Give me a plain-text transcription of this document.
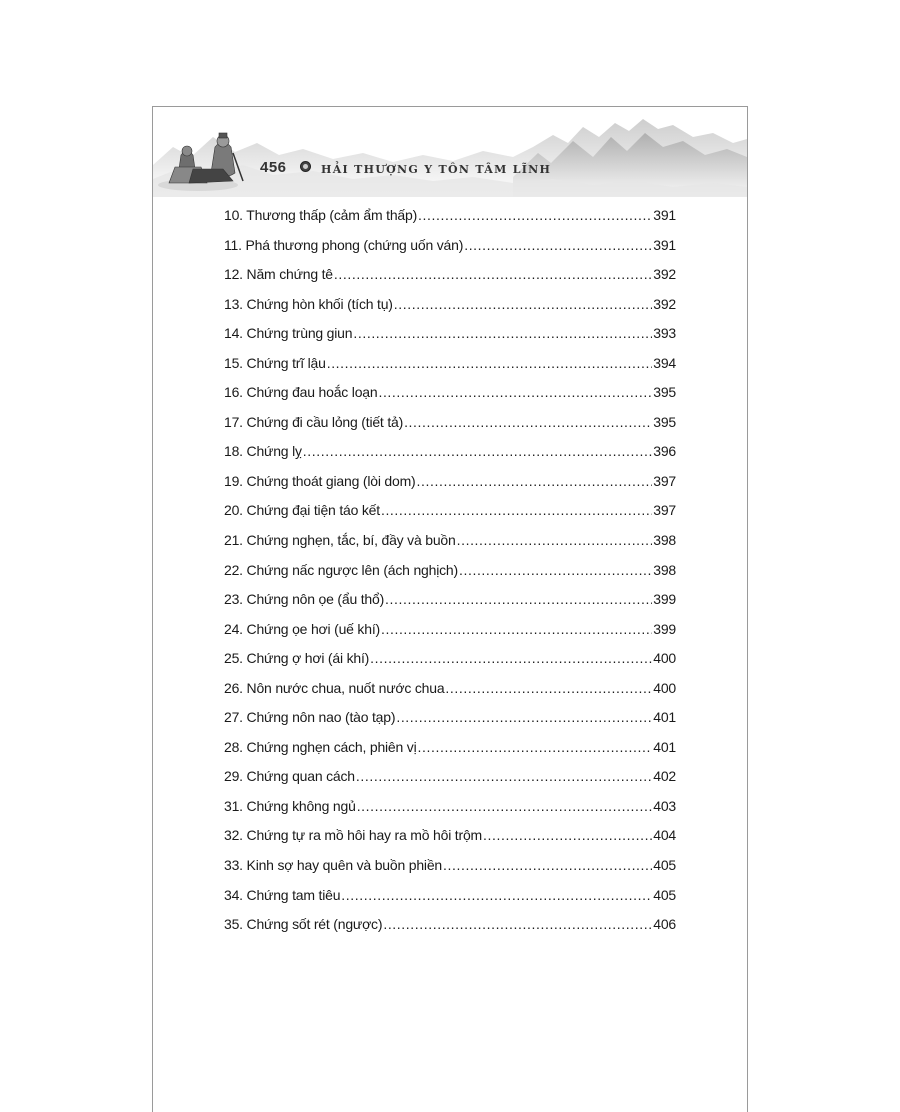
456	HẢI THƯỢNG Y TÔN TÂM LĨNH
10. Thương thấp (cảm ẩm thấp) .....	391
11. Phá thương phong (chứng uốn ván) .....	391
12. Năm chứng tê .....	392
13. Chứng hòn khối (tích tụ) .....	392
14. Chứng trùng giun .....	393
15. Chứng trĩ lậu .....	394
16. Chứng đau hoắc loạn .....	395
17. Chứng đi cầu lỏng (tiết tả) .....	395
18. Chứng lỵ .....	396
19. Chứng thoát giang (lòi dom) .....	397
20. Chứng đại tiện táo kết .....	397
21. Chứng nghẹn, tắc, bí, đầy và buồn .....	398
22. Chứng nấc ngược lên (ách nghịch) .....	398
23. Chứng nôn ọe (ẩu thổ) .....	399
24. Chứng ọe hơi (uế khí) .....	399
25. Chứng ợ hơi (ái khí) .....	400
26. Nôn nước chua, nuốt nước chua .....	400
27. Chứng nôn nao (tào tạp) .....	401
28. Chứng nghẹn cách, phiên vị .....	401
29. Chứng quan cách .....	402
31. Chứng không ngủ .....	403
32. Chứng tự ra mồ hôi hay ra mồ hôi trộm .....	404
33. Kinh sợ hay quên và buồn phiền .....	405
34. Chứng tam tiêu .....	405
35. Chứng sốt rét (ngược) .....	406
